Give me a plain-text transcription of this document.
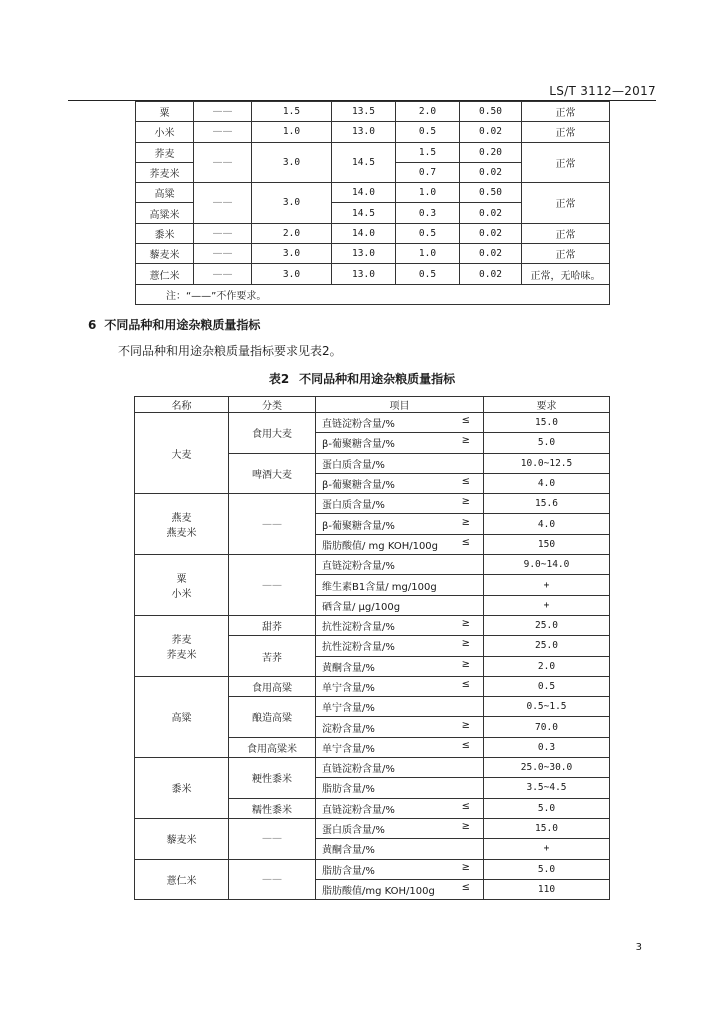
LS/T 3112—2017
粟	——	1.5	13.5	2.0	0.50	正常
小米	——	1.0	13.0	0.5	0.02	正常
荞麦	——	3.0	14.5	1.5	0.20	正常
荞麦米				0.7	0.02	
高粱	——	3.0	14.0	1.0	0.50	正常
高粱米			14.5	0.3	0.02	
黍米	——	2.0	14.0	0.5	0.02	正常
藜麦米	——	3.0	13.0	1.0	0.02	正常
薏仁米	——	3.0	13.0	0.5	0.02	正常，无哈味。
注：“——”不作要求。						
6 不同品种和用途杂粮质量指标
不同品种和用途杂粮质量指标要求见表2。
表2 不同品种和用途杂粮质量指标
名称	分类	项目	要求
大麦	食用大麦	直链淀粉含量/% ≤	15.0
		β-葡聚糖含量/% ≥	5.0
	啤酒大麦	蛋白质含量/%	10.0~12.5
		β-葡聚糖含量/% ≤	4.0
燕麦
燕麦米	——	蛋白质含量/% ≥	15.6
		β-葡聚糖含量/% ≥	4.0
		脂肪酸值/ mg KOH/100g ≤	150
粟
小米	——	直链淀粉含量/%	9.0~14.0
		维生素B1含量/ mg/100g	+
		硒含量/ μg/100g	+
荞麦
荞麦米	甜荞	抗性淀粉含量/% ≥	25.0
	苦荞	抗性淀粉含量/% ≥	25.0
		黄酮含量/% ≥	2.0
高粱	食用高粱	单宁含量/% ≤	0.5
	酿造高粱	单宁含量/%	0.5~1.5
		淀粉含量/% ≥	70.0
	食用高粱米	单宁含量/% ≤	0.3
黍米	粳性黍米	直链淀粉含量/%	25.0~30.0
		脂肪含量/%	3.5~4.5
	糯性黍米	直链淀粉含量/% ≤	5.0
藜麦米	——	蛋白质含量/% ≥	15.0
		黄酮含量/%	+
薏仁米	——	脂肪含量/% ≥	5.0
		脂肪酸值/mg KOH/100g ≤	110
3
